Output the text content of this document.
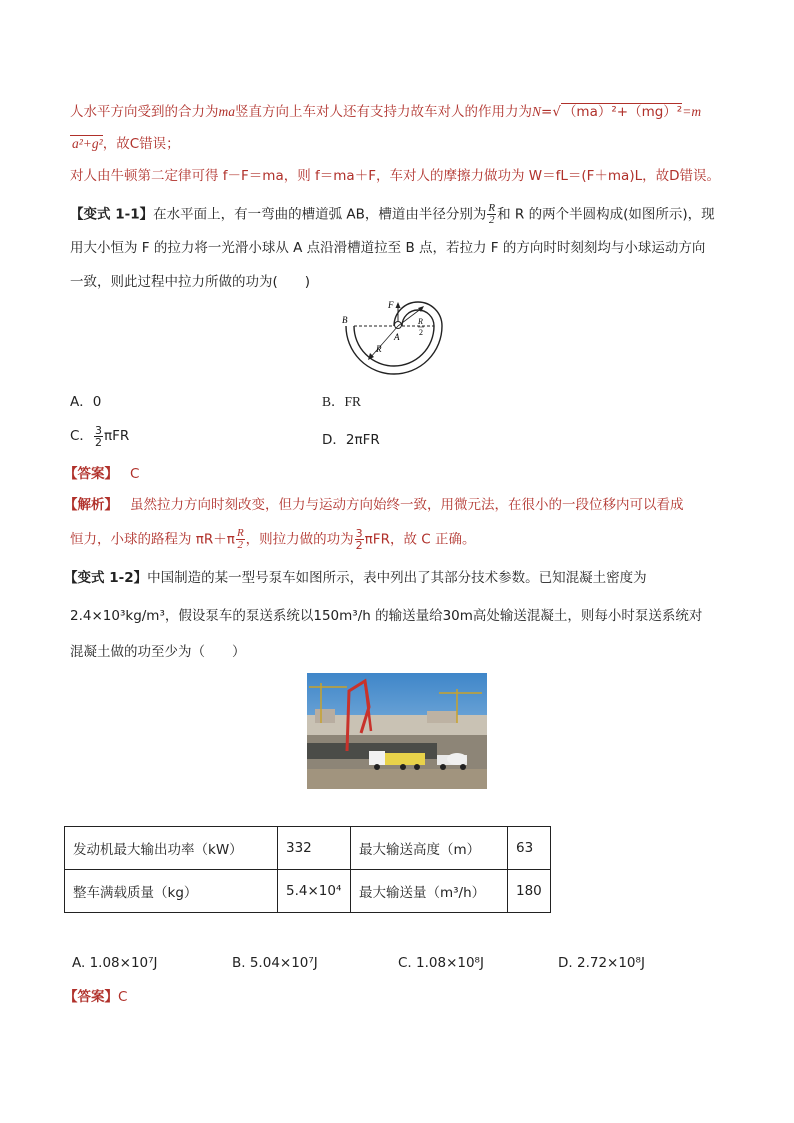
人水平方向受到的合力为ma竖直方向上车对人还有支持力故车对人的作用力为N=√ （ma）²+（mg）²=m
a²+g²，故C错误；
对人由牛顿第二定律可得 f－F＝ma，则 f＝ma＋F，车对人的摩擦力做功为 W＝fL＝(F＋ma)L，故D错误。
【变式 1-1】在水平面上，有一弯曲的槽道弧 AB，槽道由半径分别为 $\frac{R}{2}$ 和 R 的两个半圆构成(如图所示)，现
用大小恒为 F 的拉力将一光滑小球从 A 点沿滑槽道拉至 B 点，若拉力 F 的方向时时刻刻均与小球运动方向
一致，则此过程中拉力所做的功为(　　)
B
A
F
R
R
2
A．0	B．FR
C． $\frac{3}{2}$ πFR	D．2πFR
【答案】 C
【解析】 虽然拉力方向时刻改变，但力与运动方向始终一致，用微元法，在很小的一段位移内可以看成
恒力，小球的路程为 $\pi R+\pi \frac{R}{2}$ ，则拉力做的功为 $\frac{3}{2}$ πFR，故 C 正确。
【变式 1-2】中国制造的某一型号泵车如图所示，表中列出了其部分技术参数。已知混凝土密度为
2.4×10³kg/m³，假设泵车的泵送系统以150m³/h 的输送量给30m高处输送混凝土，则每小时泵送系统对
混凝土做的功至少为（　　）
发动机最大输出功率（kW）	332	最大输送高度（m）	63
整车满载质量（kg）	5.4×10⁴	最大输送量（m³/h）	180
A. 1.08×10⁷J	B. 5.04×10⁷J	C. 1.08×10⁸J	D. 2.72×10⁸J
【答案】C
